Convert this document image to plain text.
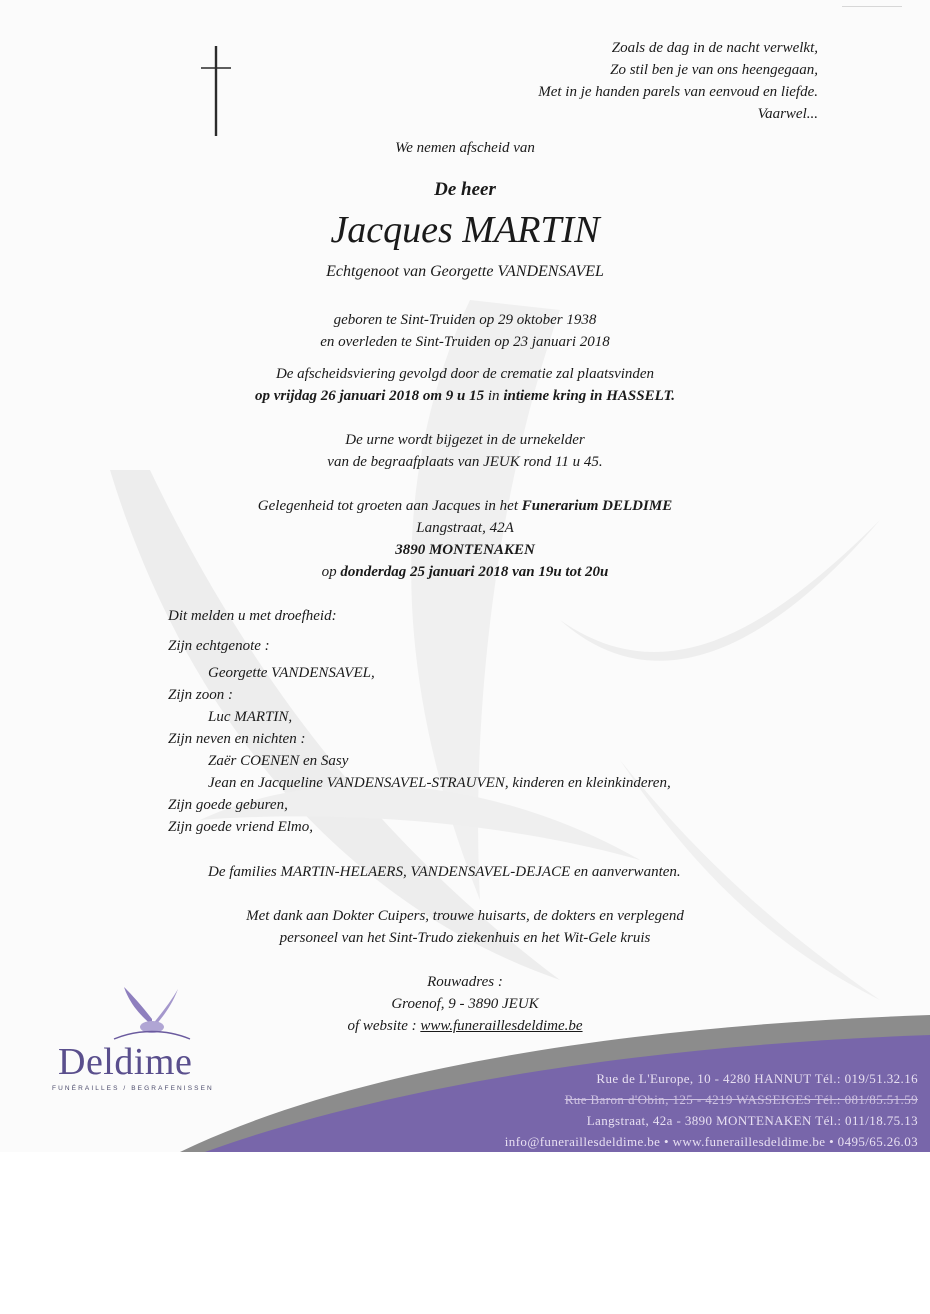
Zoals de dag in de nacht verwelkt,
Zo stil ben je van ons heengegaan,
Met in je handen parels van eenvoud en liefde.
Vaarwel...
We nemen afscheid van
De heer
Jacques MARTIN
Echtgenoot van Georgette VANDENSAVEL
geboren te Sint-Truiden op 29 oktober 1938
en overleden te Sint-Truiden op 23 januari 2018
De afscheidsviering gevolgd door de crematie zal plaatsvinden
op vrijdag 26 januari 2018 om 9 u 15 in intieme kring in HASSELT.
De urne wordt bijgezet in de urnekelder
van de begraafplaats van JEUK rond 11 u 45.
Gelegenheid tot groeten aan Jacques in het Funerarium DELDIME
Langstraat, 42A
3890 MONTENAKEN
op donderdag 25 januari 2018 van 19u tot 20u
Dit melden u met droefheid:
Zijn echtgenote :
Georgette VANDENSAVEL,
Zijn zoon :
Luc MARTIN,
Zijn neven en nichten :
Zaër COENEN en Sasy
Jean en Jacqueline VANDENSAVEL-STRAUVEN, kinderen en kleinkinderen,
Zijn goede geburen,
Zijn goede vriend Elmo,
De families MARTIN-HELAERS, VANDENSAVEL-DEJACE en aanverwanten.
Met dank aan Dokter Cuipers, trouwe huisarts, de dokters en verplegend
personeel van het Sint-Trudo ziekenhuis en het Wit-Gele kruis
Rouwadres :
Groenof, 9 - 3890 JEUK
of website : www.funeraillesdeldime.be
Rue de L'Europe, 10 - 4280 HANNUT Tél.: 019/51.32.16
Rue Baron d'Obin, 125 - 4219 WASSEIGES Tél.: 081/85.51.59
Langstraat, 42a - 3890 MONTENAKEN Tél.: 011/18.75.13
info@funeraillesdeldime.be • www.funeraillesdeldime.be • 0495/65.26.03
Deldime
FUNÉRAILLES / BEGRAFENISSEN
